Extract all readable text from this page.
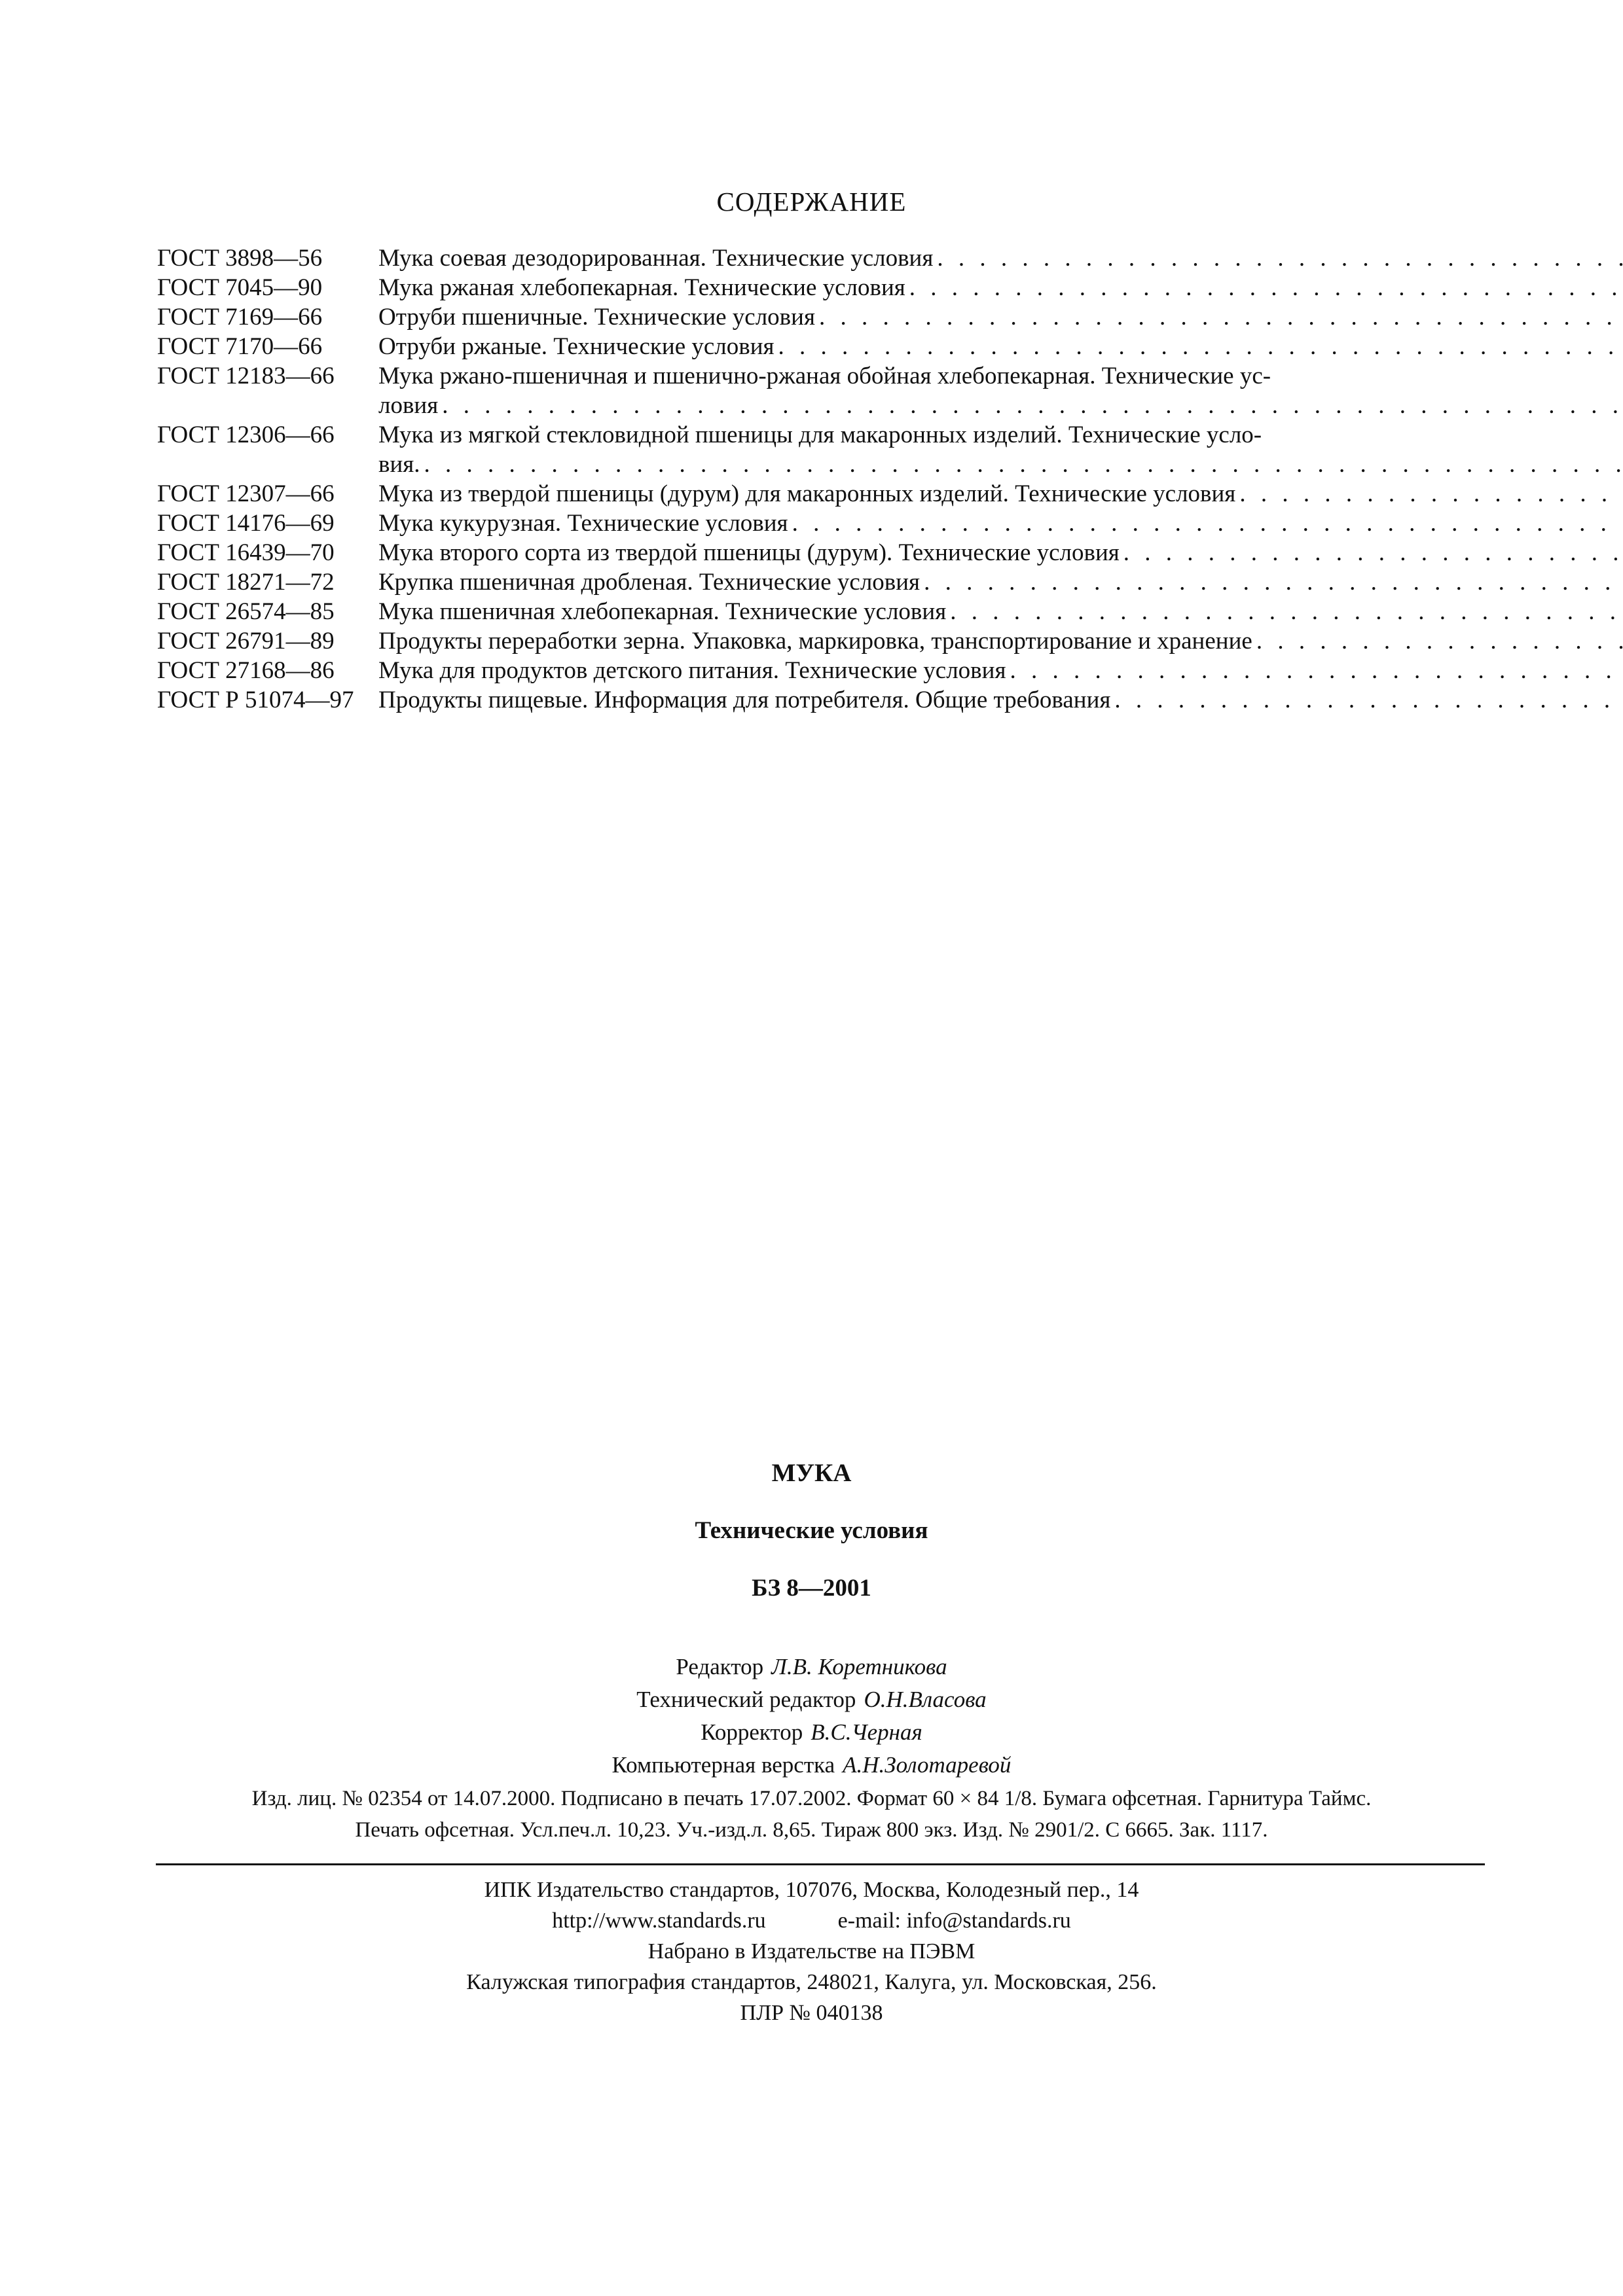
СОДЕРЖАНИЕ
ГОСТ 3898—56	Мука соевая дезодорированная. Технические условия
. . .
ГОСТ 7045—90	Мука ржаная хлебопекарная. Технические условия
. . .
ГОСТ 7169—66	Отруби пшеничные. Технические условия
. . .
ГОСТ 7170—66	Отруби ржаные. Технические условия
. . .
ГОСТ 12183—66	Мука ржано-пшеничная и пшенично-ржаная обойная хлебопекарная. Технические ус-
ловия
. . .
ГОСТ 12306—66	Мука из мягкой стекловидной пшеницы для макаронных изделий. Технические усло-
вия.
. . .
ГОСТ 12307—66	Мука из твердой пшеницы (дурум) для макаронных изделий. Технические условия
. . .
ГОСТ 14176—69	Мука кукурузная. Технические условия
. . .
ГОСТ 16439—70	Мука второго сорта из твердой пшеницы (дурум). Технические условия
. . .
ГОСТ 18271—72	Крупка пшеничная дробленая. Технические условия
. . .
ГОСТ 26574—85	Мука пшеничная хлебопекарная. Технические условия
. . .
ГОСТ 26791—89	Продукты переработки зерна. Упаковка, маркировка, транспортирование и хранение
. . .
ГОСТ 27168—86	Мука для продуктов детского питания. Технические условия
. . .
ГОСТ Р 51074—97	Продукты пищевые. Информация для потребителя. Общие требования
. . .
МУКА
Технические условия
БЗ 8—2001
Редактор Л.В. Коретникова
Технический редактор О.Н.Власова
Корректор В.С.Черная
Компьютерная верстка А.Н.Золотаревой
Изд. лиц. № 02354 от 14.07.2000. Подписано в печать 17.07.2002. Формат 60 × 84 1/8. Бумага офсетная. Гарнитура Таймс.
Печать офсетная. Усл.печ.л. 10,23. Уч.-изд.л. 8,65. Тираж 800 экз. Изд. № 2901/2. С 6665. Зак. 1117.
ИПК Издательство стандартов, 107076, Москва, Колодезный пер., 14
http://www.standards.ru	e-mail: info@standards.ru
Набрано в Издательстве на ПЭВМ
Калужская типография стандартов, 248021, Калуга, ул. Московская, 256.
ПЛР № 040138
